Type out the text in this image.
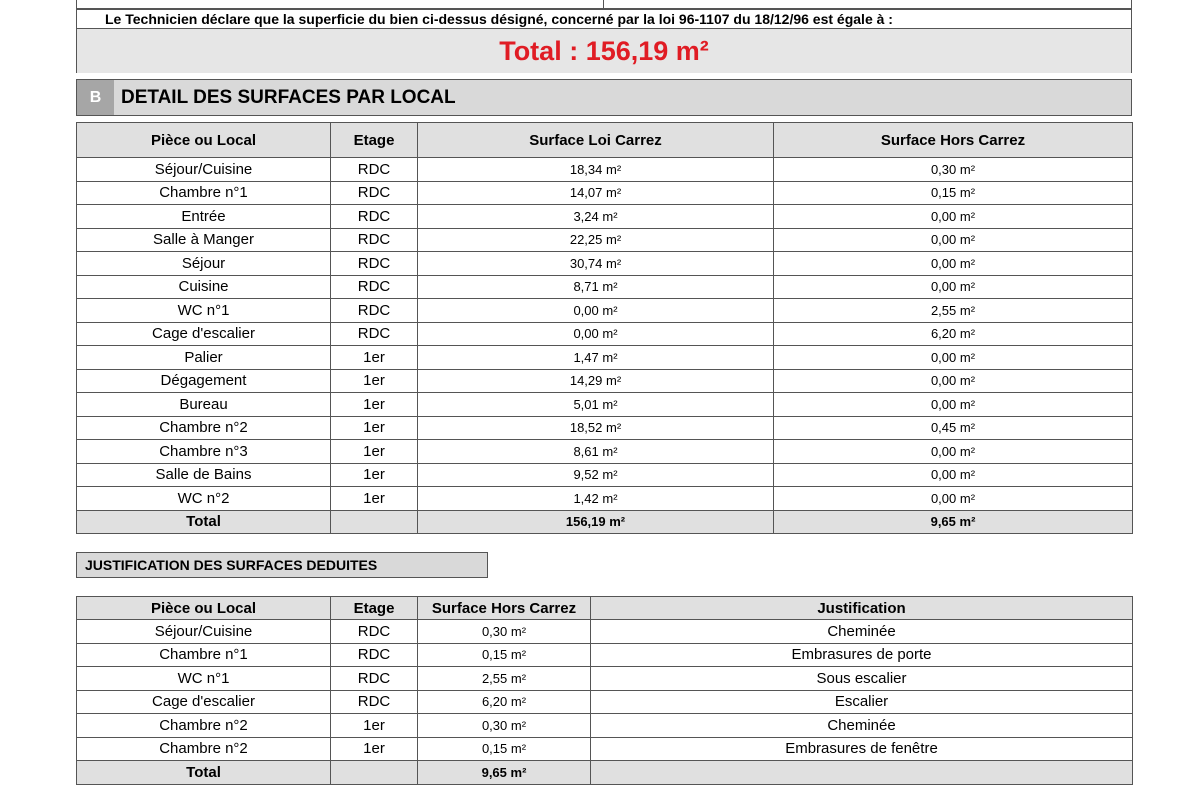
Le Technicien déclare que la superficie du bien ci-dessus désigné, concerné par la loi 96-1107 du 18/12/96 est égale à :
Total : 156,19 m²
B	DETAIL DES SURFACES PAR LOCAL
Pièce ou Local	Etage	Surface Loi Carrez	Surface Hors Carrez
Séjour/Cuisine	RDC	18,34 m²	0,30 m²
Chambre n°1	RDC	14,07 m²	0,15 m²
Entrée	RDC	3,24 m²	0,00 m²
Salle à Manger	RDC	22,25 m²	0,00 m²
Séjour	RDC	30,74 m²	0,00 m²
Cuisine	RDC	8,71 m²	0,00 m²
WC n°1	RDC	0,00 m²	2,55 m²
Cage d'escalier	RDC	0,00 m²	6,20 m²
Palier	1er	1,47 m²	0,00 m²
Dégagement	1er	14,29 m²	0,00 m²
Bureau	1er	5,01 m²	0,00 m²
Chambre n°2	1er	18,52 m²	0,45 m²
Chambre n°3	1er	8,61 m²	0,00 m²
Salle de Bains	1er	9,52 m²	0,00 m²
WC n°2	1er	1,42 m²	0,00 m²
Total		156,19 m²	9,65 m²
JUSTIFICATION DES SURFACES DEDUITES
Pièce ou Local	Etage	Surface Hors Carrez	Justification
Séjour/Cuisine	RDC	0,30 m²	Cheminée
Chambre n°1	RDC	0,15 m²	Embrasures de porte
WC n°1	RDC	2,55 m²	Sous escalier
Cage d'escalier	RDC	6,20 m²	Escalier
Chambre n°2	1er	0,30 m²	Cheminée
Chambre n°2	1er	0,15 m²	Embrasures de fenêtre
Total		9,65 m²	
